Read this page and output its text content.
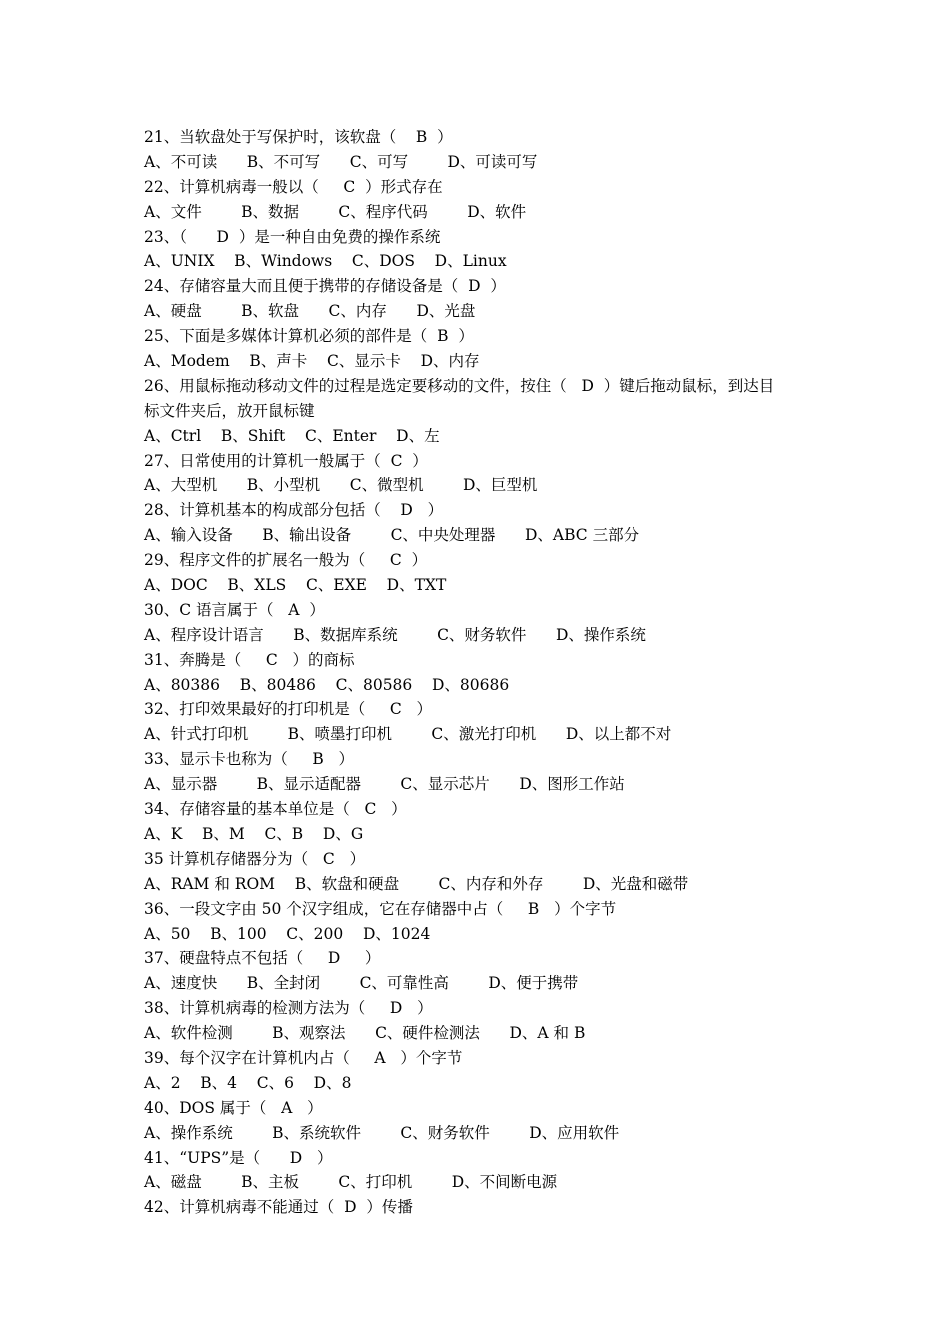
21、当软盘处于写保护时，该软盘（    B  ）

A、不可读      B、不可写      C、可写        D、可读可写

22、计算机病毒一般以（     C  ）形式存在

A、文件        B、数据        C、程序代码        D、软件

23、（      D  ）是一种自由免费的操作系统

A、UNIX    B、Windows    C、DOS    D、Linux

24、存储容量大而且便于携带的存储设备是（  D  ）

A、硬盘        B、软盘      C、内存      D、光盘

25、下面是多媒体计算机必须的部件是（  B  ）

A、Modem    B、声卡    C、显示卡    D、内存

26、用鼠标拖动移动文件的过程是选定要移动的文件，按住（   D  ）键后拖动鼠标，到达目

标文件夹后，放开鼠标键

A、Ctrl    B、Shift    C、Enter    D、左

27、日常使用的计算机一般属于（  C  ）

A、大型机      B、小型机      C、微型机        D、巨型机

28、计算机基本的构成部分包括（    D   ）

A、输入设备      B、输出设备        C、中央处理器      D、ABC 三部分

29、程序文件的扩展名一般为（     C  ）

A、DOC    B、XLS    C、EXE    D、TXT

30、C 语言属于（   A  ）

A、程序设计语言      B、数据库系统        C、财务软件      D、操作系统

31、奔腾是（     C   ）的商标

A、80386    B、80486    C、80586    D、80686

32、打印效果最好的打印机是（     C   ）

A、针式打印机        B、喷墨打印机        C、激光打印机      D、以上都不对

33、显示卡也称为（     B   ）

A、显示器        B、显示适配器        C、显示芯片      D、图形工作站

34、存储容量的基本单位是（   C   ）

A、K    B、M    C、B    D、G

35 计算机存储器分为（   C   ）

A、RAM 和 ROM    B、软盘和硬盘        C、内存和外存        D、光盘和磁带

36、一段文字由 50 个汉字组成，它在存储器中占（     B   ）个字节

A、50    B、100    C、200    D、1024

37、硬盘特点不包括（     D     ）

A、速度快      B、全封闭        C、可靠性高        D、便于携带

38、计算机病毒的检测方法为（     D   ）

A、软件检测        B、观察法      C、硬件检测法      D、A 和 B

39、每个汉字在计算机内占（     A   ）个字节

A、2    B、4    C、6    D、8

40、DOS 属于（   A   ）

A、操作系统        B、系统软件        C、财务软件        D、应用软件

41、“UPS”是（      D   ）

A、磁盘        B、主板        C、打印机        D、不间断电源

42、计算机病毒不能通过（  D  ）传播
